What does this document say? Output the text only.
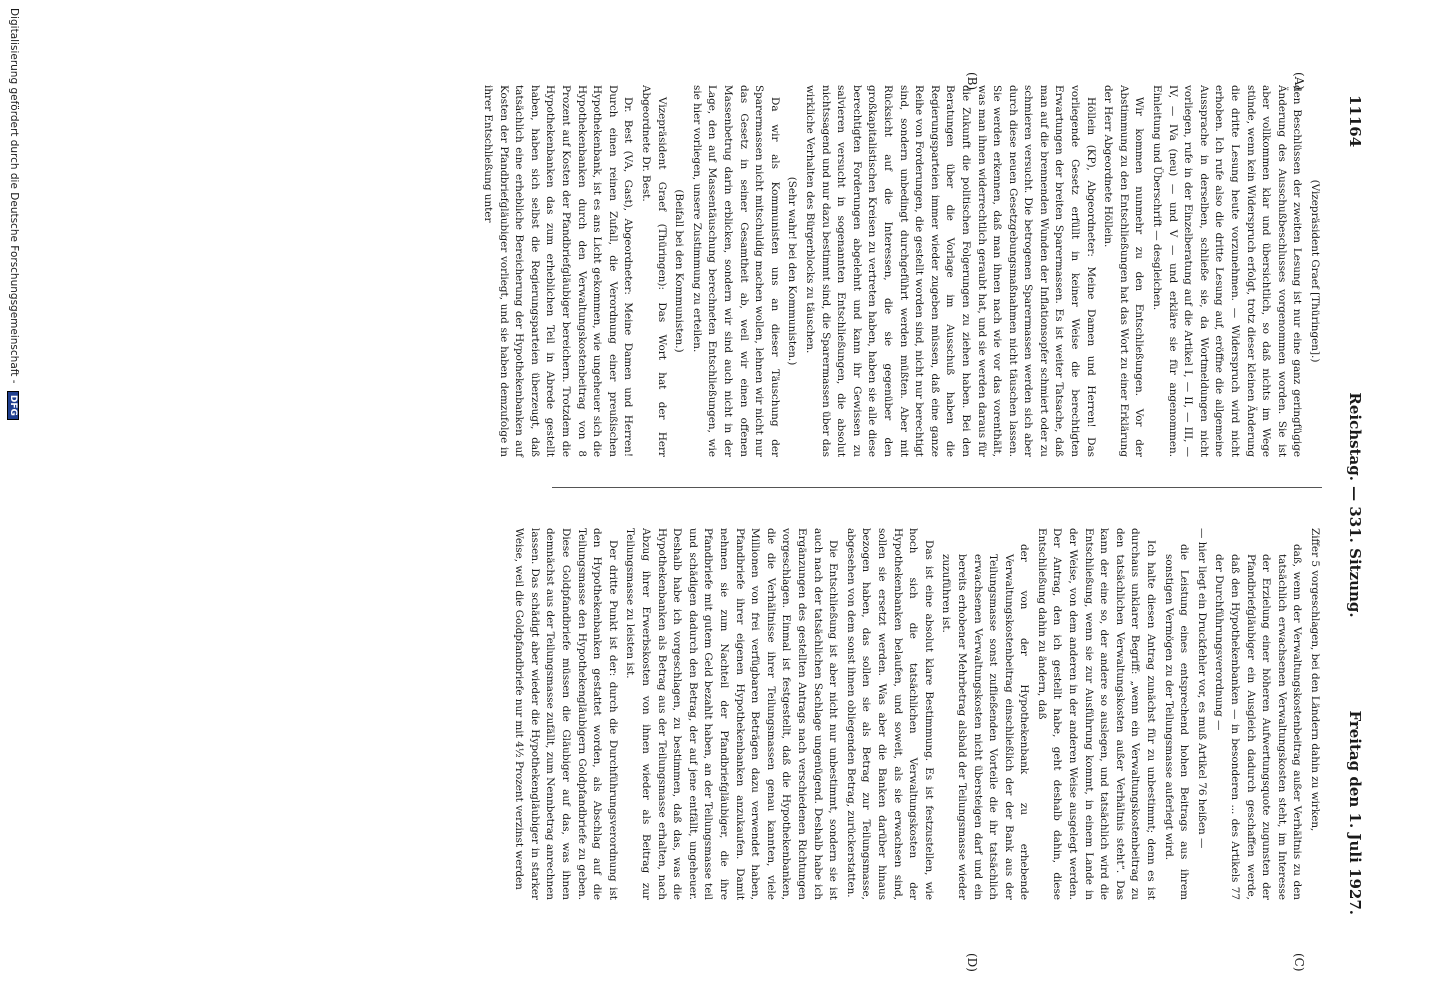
11164
Reichstag. — 331. Sitzung.
Freitag den 1. Juli 1927.
(A)
(B)
(C)
(D)

(Vizepräsident Graef [Thüringen].)

den Beschlüssen der zweiten Lesung ist nur eine ganz geringfügige Änderung des Ausschußbeschlusses vorgenommen worden. Sie ist aber vollkommen klar und übersichtlich, so daß nichts im Wege stünde, wenn kein Widerspruch erfolgt, trotz dieser kleinen Änderung die dritte Lesung heute vorzunehmen. — Widerspruch wird nicht erhoben. Ich rufe also die dritte Lesung auf, eröffne die allgemeine Aussprache in derselben, schließe sie, da Wortmeldungen nicht vorliegen, rufe in der Einzelberatung auf die Artikel I, — II, — III, — IV, — IVa (neu) — und V — und erkläre sie für angenommen. Einleitung und Überschrift — desgleichen.

Wir kommen nunmehr zu den Entschließungen. Vor der Abstimmung zu den Entschließungen hat das Wort zu einer Erklärung der Herr Abgeordnete Höllein.

Höllein (KP), Abgeordneter: Meine Damen und Herren! Das vorliegende Gesetz erfüllt in keiner Weise die berechtigten Erwartungen der breiten Sparermassen. Es ist weiter Tatsache, daß man auf die brennenden Wunden der Inflationsopfer schmiert oder zu schmieren versucht. Die betrogenen Sparermassen werden sich aber durch diese neuen Gesetzgebungsmaßnahmen nicht täuschen lassen. Sie werden erkennen, daß man ihnen nach wie vor das vorenthält, was man ihnen widerrechtlich geraubt hat, und sie werden daraus für die Zukunft die politischen Folgerungen zu ziehen haben. Bei den Beratungen über die Vorlage im Ausschuß haben die Regierungsparteien immer wieder zugeben müssen, daß eine ganze Reihe von Forderungen, die gestellt worden sind, nicht nur berechtigt sind, sondern unbedingt durchgeführt werden müßten. Aber mit Rücksicht auf die Interessen, die sie gegenüber den großkapitalistischen Kreisen zu vertreten haben, haben sie alle diese berechtigten Forderungen abgelehnt und kann ihr Gewissen zu salvieren versucht in sogenannten Entschließungen, die absolut nichtssagend und nur dazu bestimmt sind, die Sparermassen über das wirkliche Verhalten des Bürgerblocks zu täuschen.

(Sehr wahr! bei den Kommunisten.)

Da wir als Kommunisten uns an dieser Täuschung der Sparermassen nicht mitschuldig machen wollen, lehnen wir nicht nur das Gesetz in seiner Gesamtheit ab, weil wir einen offenen Massenbetrug darin erblicken, sondern wir sind auch nicht in der Lage, den auf Massentäuschung berechneten Entschließungen, wie sie hier vorliegen, unsere Zustimmung zu erteilen.

(Beifall bei den Kommunisten.)

Vizepräsident Graef (Thüringen): Das Wort hat der Herr Abgeordnete Dr. Best.

Dr. Best (VA, Gast), Abgeordneter: Meine Damen und Herren! Durch einen reinen Zufall, die Verordnung einer preußischen Hypothekenbank, ist es ans Licht gekommen, wie ungeheuer sich die Hypothekenbanken durch den Verwaltungskostenbeitrag von 8 Prozent auf Kosten der Pfandbriefgläubiger bereichern. Trotzdem die Hypothekenbanken das zum erheblichen Teil in Abrede gestellt haben, haben sich selbst die Regierungsparteien überzeugt, daß tatsächlich eine erhebliche Bereicherung der Hypothekenbanken auf Kosten der Pfandbriefgläubiger vorliegt, und sie haben demzufolge in ihrer Entschließung unter

Ziffer 5 vorgeschlagen, bei den Ländern dahin zu wirken,

daß, wenn der Verwaltungskostenbeitrag außer Verhältnis zu den tatsächlich erwachsenen Verwaltungskosten steht, im Interesse der Erzielung einer höheren Aufwertungsquote zugunsten der Pfandbriefgläubiger ein Ausgleich dadurch geschaffen werde, daß den Hypothekenbanken — in besonderen ... des Artikels 77 der Durchführungsverordnung —

— hier liegt ein Druckfehler vor, es muß Artikel 76 heißen —

die Leistung eines entsprechend hohen Beitrags aus ihrem sonstigen Vermögen zu der Teilungsmasse auferlegt wird.

Ich halte diesen Antrag zunächst für zu unbestimmt; denn es ist durchaus unklarer Begriff: „wenn ein Verwaltungskostenbeitrag zu den tatsächlichen Verwaltungskosten außer Verhältnis steht“. Das kann der eine so, der andere so auslegen, und tatsächlich wird die Entschließung, wenn sie zur Ausführung kommt, in einem Lande in der Weise, von dem anderen in der anderen Weise ausgelegt werden. Der Antrag, den ich gestellt habe, geht deshalb dahin, diese Entschließung dahin zu ändern, daß

der von der Hypothekenbank zu erhebende Verwaltungskostenbeitrag einschließlich der der Bank aus der Teilungsmasse sonst zufließenden Vorteile die ihr tatsächlich erwachsenen Verwaltungskosten nicht übersteigen darf und ein bereits erhobener Mehrbetrag alsbald der Teilungsmasse wieder zuzuführen ist.

Das ist eine absolut klare Bestimmung. Es ist festzustellen, wie hoch sich die tatsächlichen Verwaltungskosten der Hypothekenbanken belaufen, und soweit, als sie erwachsen sind, sollen sie ersetzt werden. Was aber die Banken darüber hinaus bezogen haben, das sollen sie als Betrag zur Teilungsmasse, abgesehen von dem sonst ihnen obliegenden Betrag, zurückerstatten.

Die Entschließung ist aber nicht nur unbestimmt, sondern sie ist auch nach der tatsächlichen Sachlage ungenügend. Deshalb habe ich Ergänzungen des gestellten Antrags nach verschiedenen Richtungen vorgeschlagen. Einmal ist festgestellt, daß die Hypothekenbanken, die die Verhältnisse ihrer Teilungsmassen genau kannten, viele Millionen von frei verfügbaren Beträgen dazu verwendet haben, Pfandbriefe ihrer eigenen Hypothekenbanken anzukaufen. Damit nehmen sie zum Nachteil der Pfandbriefgläubiger, die ihre Pfandbriefe mit gutem Geld bezahlt haben, an der Teilungsmasse teil und schädigen dadurch den Betrag, der auf jene entfällt, ungeheuer. Deshalb habe ich vorgeschlagen, zu bestimmen, daß das, was die Hypothekenbanken als Betrag aus der Teilungsmasse erhalten, nach Abzug ihrer Erwerbskosten von ihnen wieder als Beitrag zur Teilungsmasse zu leisten ist.

Der dritte Punkt ist der: durch die Durchführungsverordnung ist den Hypothekenbanken gestattet worden, als Abschlag auf die Teilungsmasse den Hypothekengläubigern Goldpfandbriefe zu geben. Diese Goldpfandbriefe müssen die Gläubiger auf das, was ihnen demnächst aus der Teilungsmasse zufällt, zum Nennbetrag anrechnen lassen. Das schädigt aber wieder die Hypothekengläubiger in starker Weise, weil die Goldpfandbriefe nur mit 4½ Prozent verzinst werden

Digitalisierung gefördert durch die Deutsche Forschungsgemeinschaft - DFG
